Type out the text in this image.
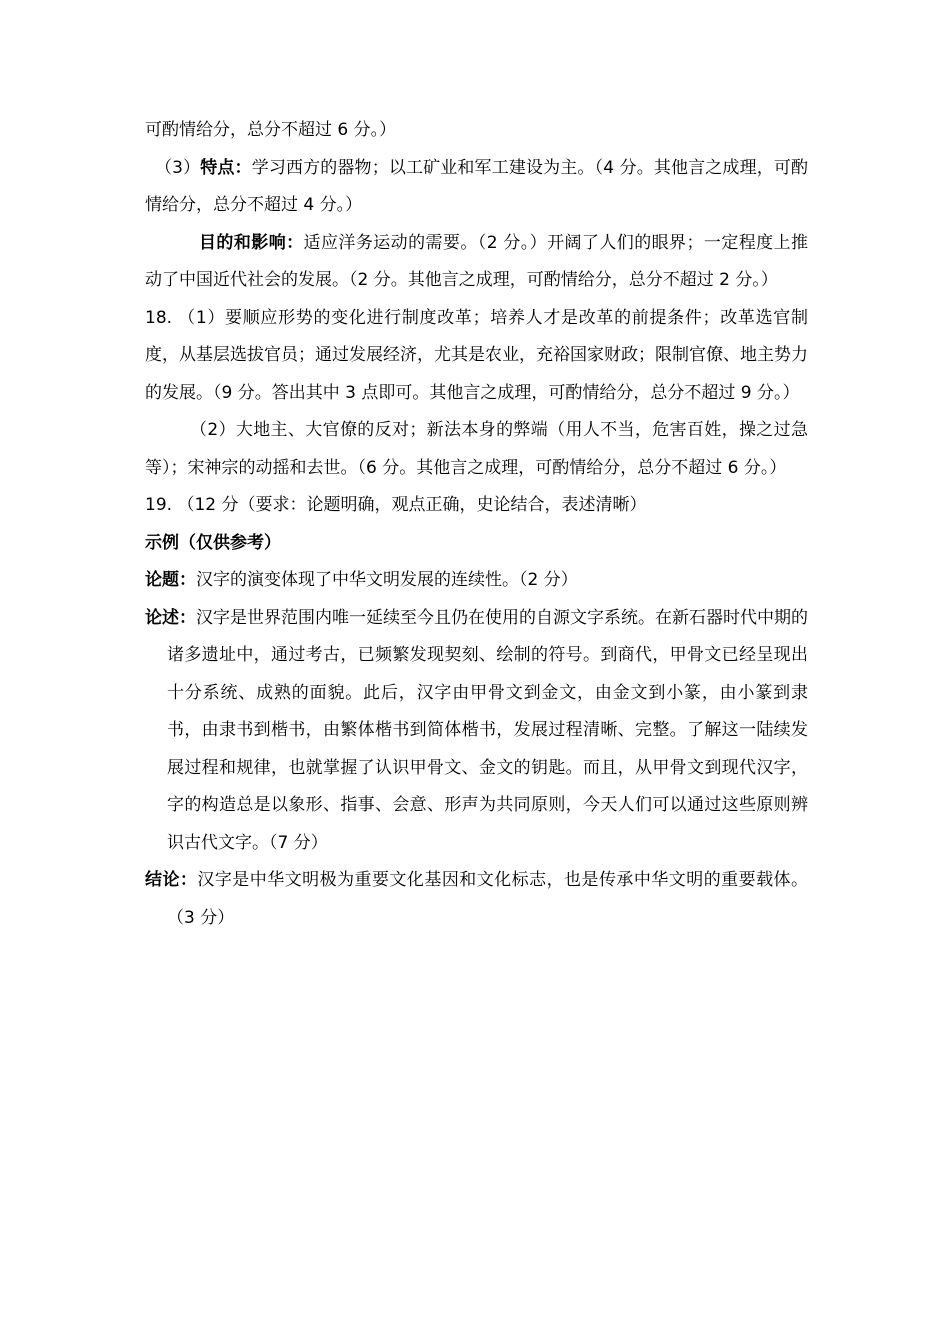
可酌情给分，总分不超过 6 分。）

（3）特点：学习西方的器物；以工矿业和军工建设为主。（4 分。其他言之成理，可酌情给分，总分不超过 4 分。）

目的和影响：适应洋务运动的需要。（2 分。）开阔了人们的眼界；一定程度上推动了中国近代社会的发展。（2 分。其他言之成理，可酌情给分，总分不超过 2 分。）

18. （1）要顺应形势的变化进行制度改革；培养人才是改革的前提条件；改革选官制度，从基层选拔官员；通过发展经济，尤其是农业，充裕国家财政；限制官僚、地主势力的发展。（9 分。答出其中 3 点即可。其他言之成理，可酌情给分，总分不超过 9 分。）

（2）大地主、大官僚的反对；新法本身的弊端（用人不当，危害百姓，操之过急等）；宋神宗的动摇和去世。（6 分。其他言之成理，可酌情给分，总分不超过 6 分。）

19. （12 分（要求：论题明确，观点正确，史论结合，表述清晰）

示例（仅供参考）

论题：汉字的演变体现了中华文明发展的连续性。（2 分）

论述：汉字是世界范围内唯一延续至今且仍在使用的自源文字系统。在新石器时代中期的诸多遗址中，通过考古，已频繁发现契刻、绘制的符号。到商代，甲骨文已经呈现出十分系统、成熟的面貌。此后，汉字由甲骨文到金文，由金文到小篆，由小篆到隶书，由隶书到楷书，由繁体楷书到简体楷书，发展过程清晰、完整。了解这一陆续发展过程和规律，也就掌握了认识甲骨文、金文的钥匙。而且，从甲骨文到现代汉字，字的构造总是以象形、指事、会意、形声为共同原则，今天人们可以通过这些原则辨识古代文字。（7 分）

结论：汉字是中华文明极为重要文化基因和文化标志，也是传承中华文明的重要载体。（3 分）
